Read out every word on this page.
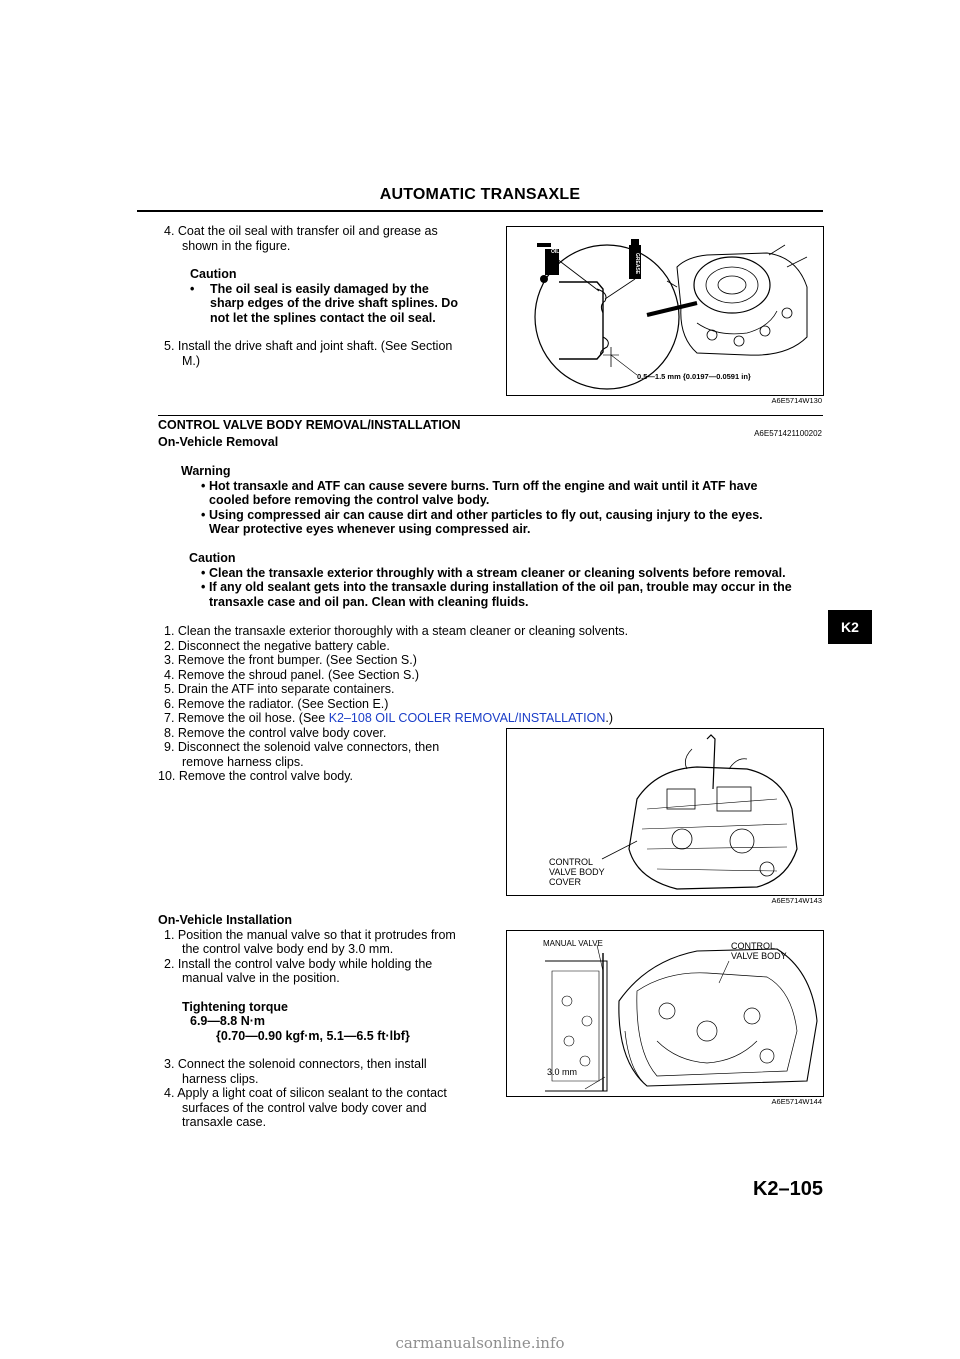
AUTOMATIC TRANSAXLE
4. Coat the oil seal with transfer oil and grease as
shown in the figure.
Caution
•	The oil seal is easily damaged by the
sharp edges of the drive shaft splines. Do
not let the splines contact the oil seal.
5. Install the drive shaft and joint shaft. (See Section
M.)
OIL
GREASE
0.5—1.5 mm {0.0197—0.0591 in}
A6E5714W130
CONTROL VALVE BODY REMOVAL/INSTALLATION
A6E571421100202
On-Vehicle Removal
Warning
• Hot transaxle and ATF can cause severe burns. Turn off the engine and wait until it ATF have
cooled before removing the control valve body.
• Using compressed air can cause dirt and other particles to fly out, causing injury to the eyes.
Wear protective eyes whenever using compressed air.
Caution
• Clean the transaxle exterior throughly with a stream cleaner or cleaning solvents before removal.
• If any old sealant gets into the transaxle during installation of the oil pan, trouble may occur in the
transaxle case and oil pan. Clean with cleaning fluids.
1. Clean the transaxle exterior thoroughly with a steam cleaner or cleaning solvents.
2. Disconnect the negative battery cable.
3. Remove the front bumper. (See Section S.)
4. Remove the shroud panel. (See Section S.)
5. Drain the ATF into separate containers.
6. Remove the radiator. (See Section E.)
7. Remove the oil hose. (See K2–108 OIL COOLER REMOVAL/INSTALLATION.)
8. Remove the control valve body cover.
9. Disconnect the solenoid valve connectors, then
remove harness clips.
10. Remove the control valve body.
CONTROL
VALVE BODY
COVER
A6E5714W143
On-Vehicle Installation
1. Position the manual valve so that it protrudes from
the control valve body end by 3.0 mm.
2. Install the control valve body while holding the
manual valve in the position.
Tightening torque
6.9—8.8 N·m
{0.70—0.90 kgf·m, 5.1—6.5 ft·lbf}
3. Connect the solenoid connectors, then install
harness clips.
4. Apply a light coat of silicon sealant to the contact
surfaces of the control valve body cover and
transaxle case.
MANUAL VALVE	CONTROL
VALVE BODY
3.0 mm
A6E5714W144
K2
K2–105
carmanualsonline.info
